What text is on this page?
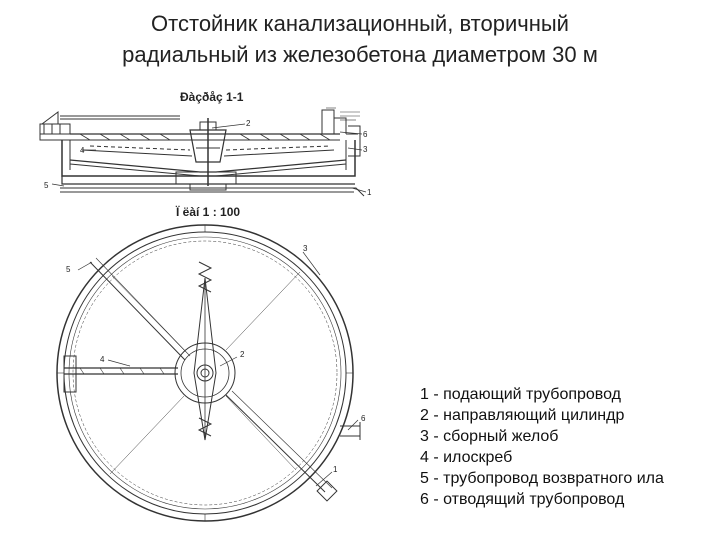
Отстойник канализационный, вторичный
радиальный из железобетона диаметром 30 м
Ðàçðåç 1-1
2
4
6
3
5
1
Ï ëàí 1 : 100
5
3
4
2
6
1
1 - подающий трубопровод
2 - направляющий цилиндр
3 - сборный желоб
4 - илоскреб
5 - трубопровод возвратного ила
6 - отводящий трубопровод
